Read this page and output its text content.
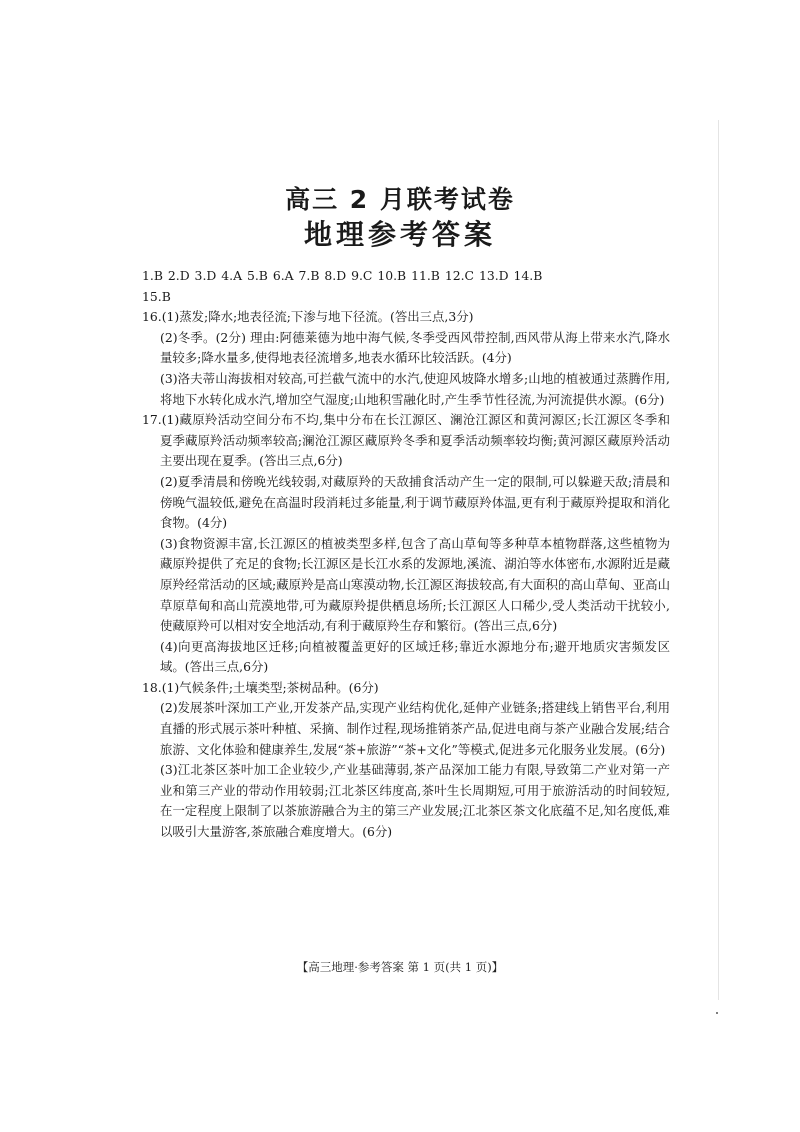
高三 2 月联考试卷
地理参考答案

1.B 2.D 3.D 4.A 5.B 6.A 7.B 8.D 9.C 10.B 11.B 12.C 13.D 14.B

15.B

16.(1)蒸发;降水;地表径流;下渗与地下径流。(答出三点,3分)

(2)冬季。(2分) 理由:阿德莱德为地中海气候,冬季受西风带控制,西风带从海上带来水汽,降水量较多;降水量多,使得地表径流增多,地表水循环比较活跃。(4分)

(3)洛夫蒂山海拔相对较高,可拦截气流中的水汽,使迎风坡降水增多;山地的植被通过蒸腾作用,将地下水转化成水汽,增加空气湿度;山地积雪融化时,产生季节性径流,为河流提供水源。(6分)

17.(1)藏原羚活动空间分布不均,集中分布在长江源区、澜沧江源区和黄河源区;长江源区冬季和夏季藏原羚活动频率较高;澜沧江源区藏原羚冬季和夏季活动频率较均衡;黄河源区藏原羚活动主要出现在夏季。(答出三点,6分)

(2)夏季清晨和傍晚光线较弱,对藏原羚的天敌捕食活动产生一定的限制,可以躲避天敌;清晨和傍晚气温较低,避免在高温时段消耗过多能量,利于调节藏原羚体温,更有利于藏原羚提取和消化食物。(4分)

(3)食物资源丰富,长江源区的植被类型多样,包含了高山草甸等多种草本植物群落,这些植物为藏原羚提供了充足的食物;长江源区是长江水系的发源地,溪流、湖泊等水体密布,水源附近是藏原羚经常活动的区域;藏原羚是高山寒漠动物,长江源区海拔较高,有大面积的高山草甸、亚高山草原草甸和高山荒漠地带,可为藏原羚提供栖息场所;长江源区人口稀少,受人类活动干扰较小,使藏原羚可以相对安全地活动,有利于藏原羚生存和繁衍。(答出三点,6分)

(4)向更高海拔地区迁移;向植被覆盖更好的区域迁移;靠近水源地分布;避开地质灾害频发区域。(答出三点,6分)

18.(1)气候条件;土壤类型;茶树品种。(6分)

(2)发展茶叶深加工产业,开发茶产品,实现产业结构优化,延伸产业链条;搭建线上销售平台,利用直播的形式展示茶叶种植、采摘、制作过程,现场推销茶产品,促进电商与茶产业融合发展;结合旅游、文化体验和健康养生,发展“茶+旅游”“茶+文化”等模式,促进多元化服务业发展。(6分)

(3)江北茶区茶叶加工企业较少,产业基础薄弱,茶产品深加工能力有限,导致第二产业对第一产业和第三产业的带动作用较弱;江北茶区纬度高,茶叶生长周期短,可用于旅游活动的时间较短,在一定程度上限制了以茶旅游融合为主的第三产业发展;江北茶区茶文化底蕴不足,知名度低,难以吸引大量游客,茶旅融合难度增大。(6分)

【高三地理·参考答案 第 1 页(共 1 页)】
